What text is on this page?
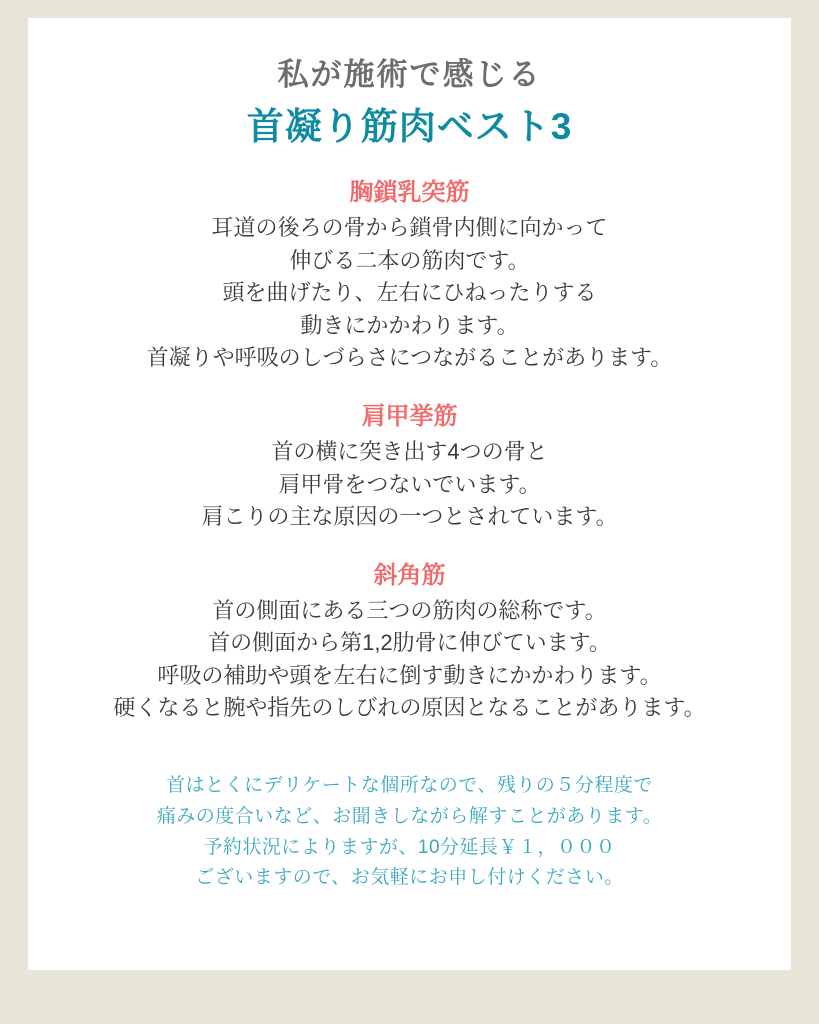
私が施術で感じる
首凝り筋肉ベスト3
胸鎖乳突筋
耳道の後ろの骨から鎖骨内側に向かって
伸びる二本の筋肉です。
頭を曲げたり、左右にひねったりする
動きにかかわります。
首凝りや呼吸のしづらさにつながることがあります。
肩甲挙筋
首の横に突き出す4つの骨と
肩甲骨をつないでいます。
肩こりの主な原因の一つとされています。
斜角筋
首の側面にある三つの筋肉の総称です。
首の側面から第1,2肋骨に伸びています。
呼吸の補助や頭を左右に倒す動きにかかわります。
硬くなると腕や指先のしびれの原因となることがあります。
首はとくにデリケートな個所なので、残りの５分程度で
痛みの度合いなど、お聞きしながら解すことがあります。
予約状況によりますが、10分延長￥１，０００
ございますので、お気軽にお申し付けください。
